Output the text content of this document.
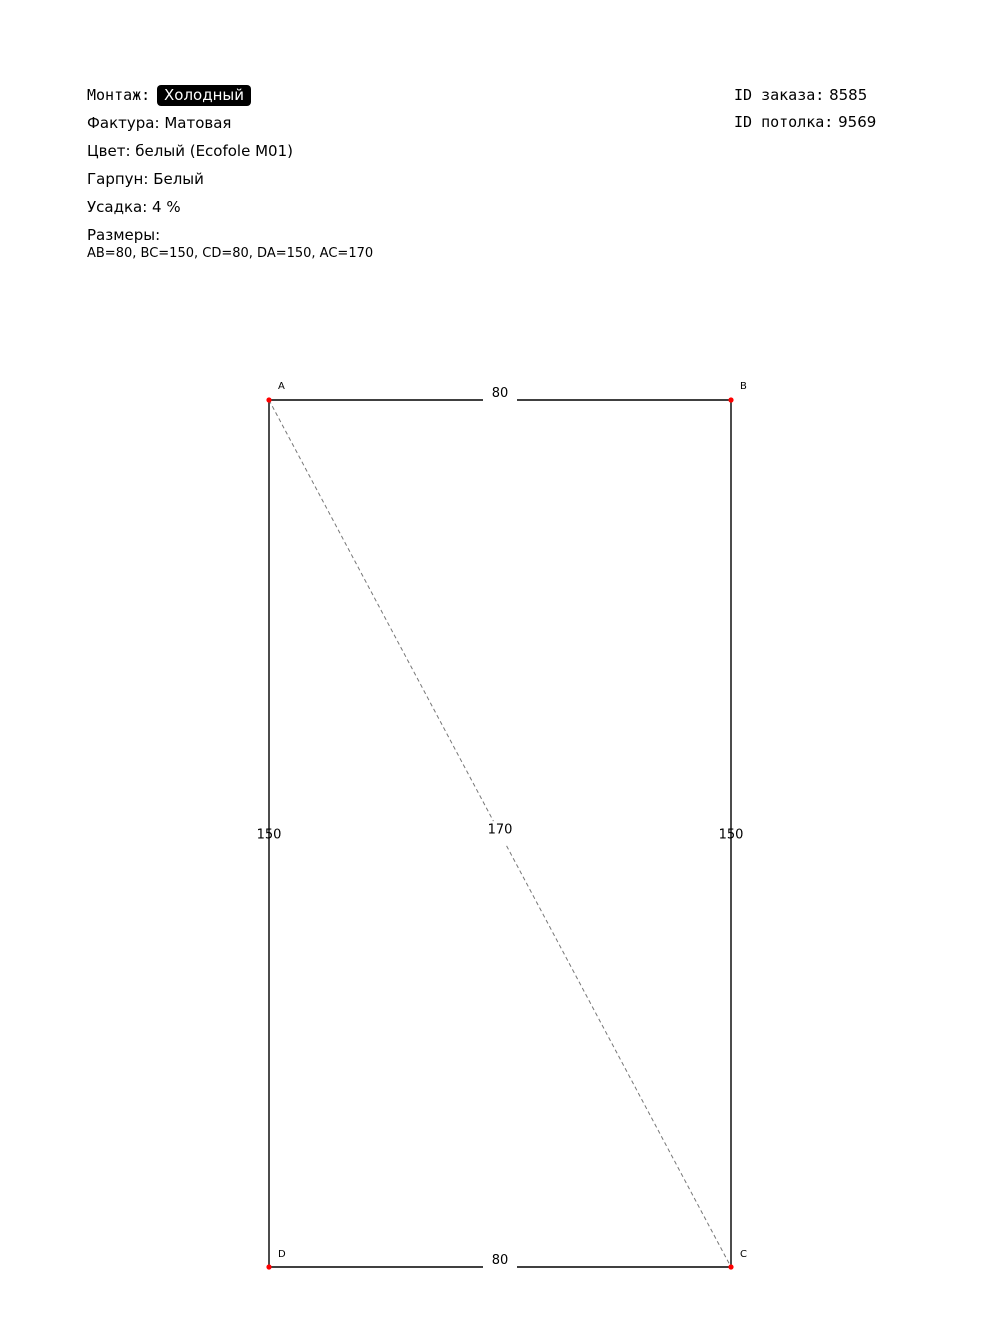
Монтаж: Холодный
Фактура: Матовая
Цвет: белый (Ecofole M01)
Гарпун: Белый
Усадка: 4 %
Размеры:
AB=80, BC=150, CD=80, DA=150, AC=170
ID заказа: 8585
ID потолка: 9569
80
150
80
150	170
A	B
C
D
